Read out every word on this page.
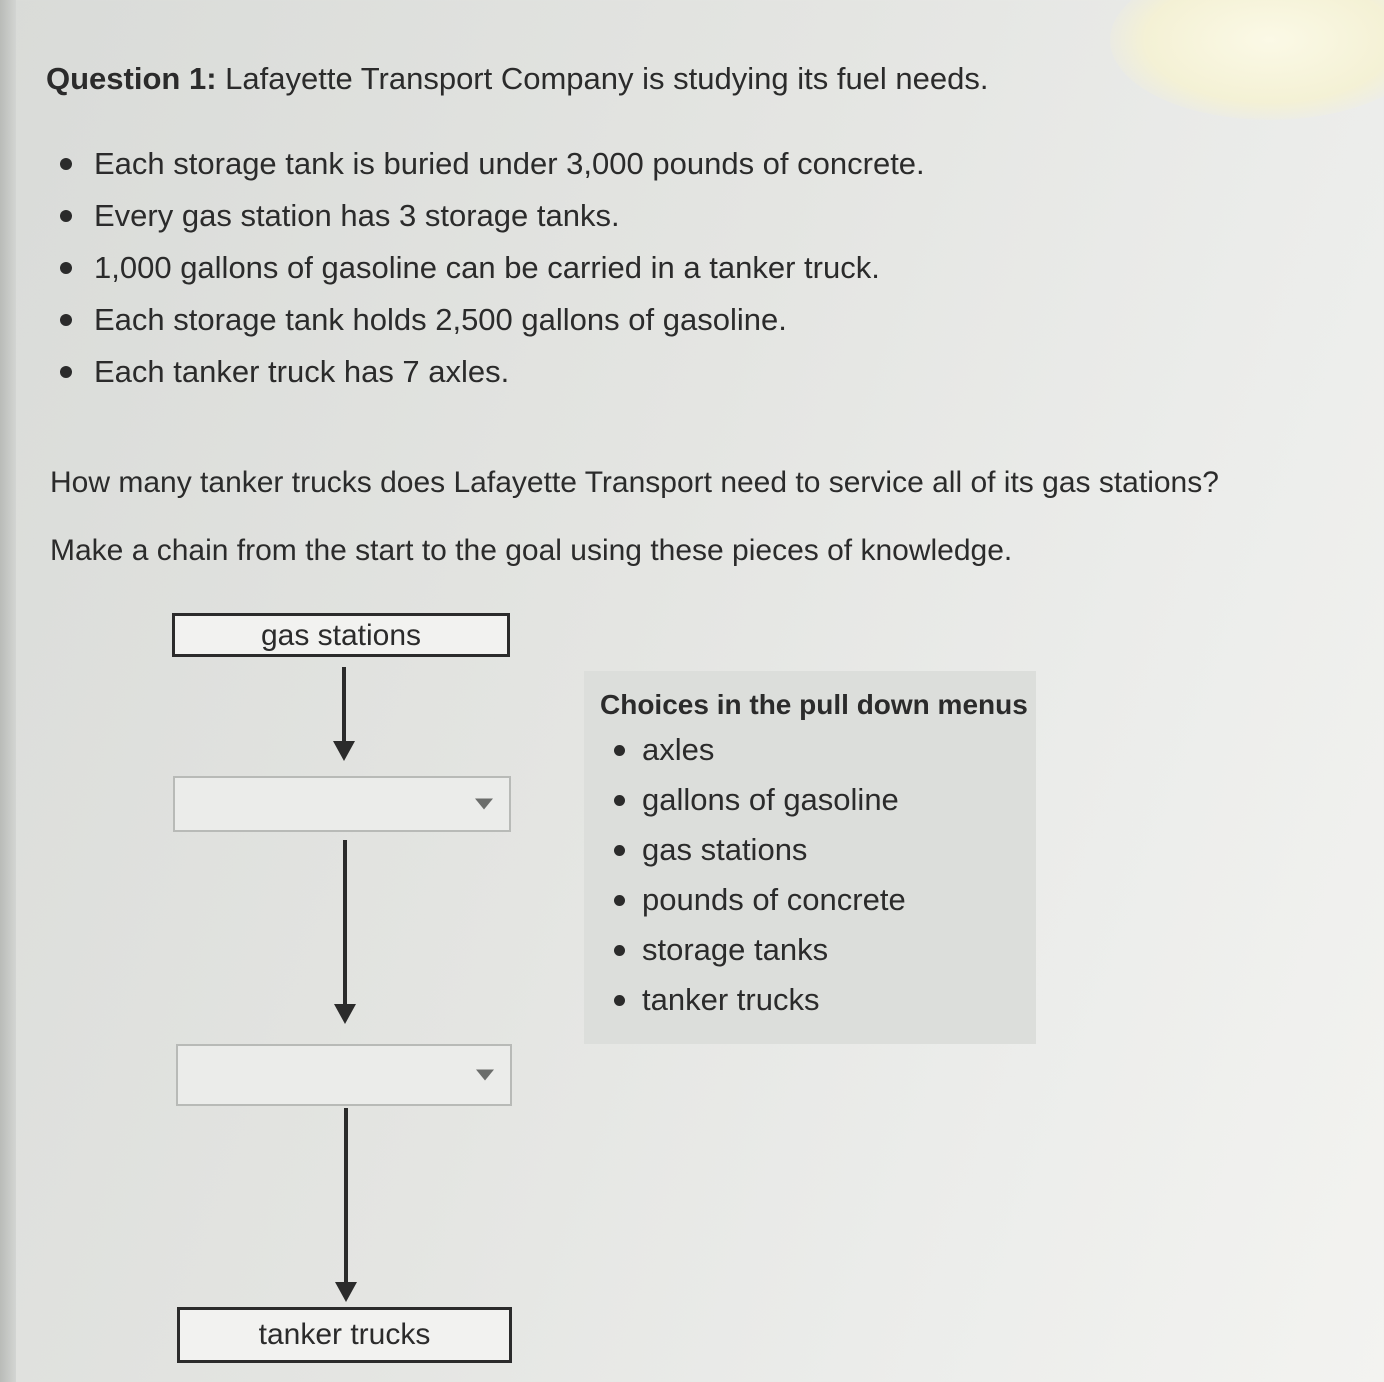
Question 1: Lafayette Transport Company is studying its fuel needs.
Each storage tank is buried under 3,000 pounds of concrete.
Every gas station has 3 storage tanks.
1,000 gallons of gasoline can be carried in a tanker truck.
Each storage tank holds 2,500 gallons of gasoline.
Each tanker truck has 7 axles.
How many tanker trucks does Lafayette Transport need to service all of its gas stations?
Make a chain from the start to the goal using these pieces of knowledge.
gas stations
tanker trucks
Choices in the pull down menus
axles
gallons of gasoline
gas stations
pounds of concrete
storage tanks
tanker trucks
